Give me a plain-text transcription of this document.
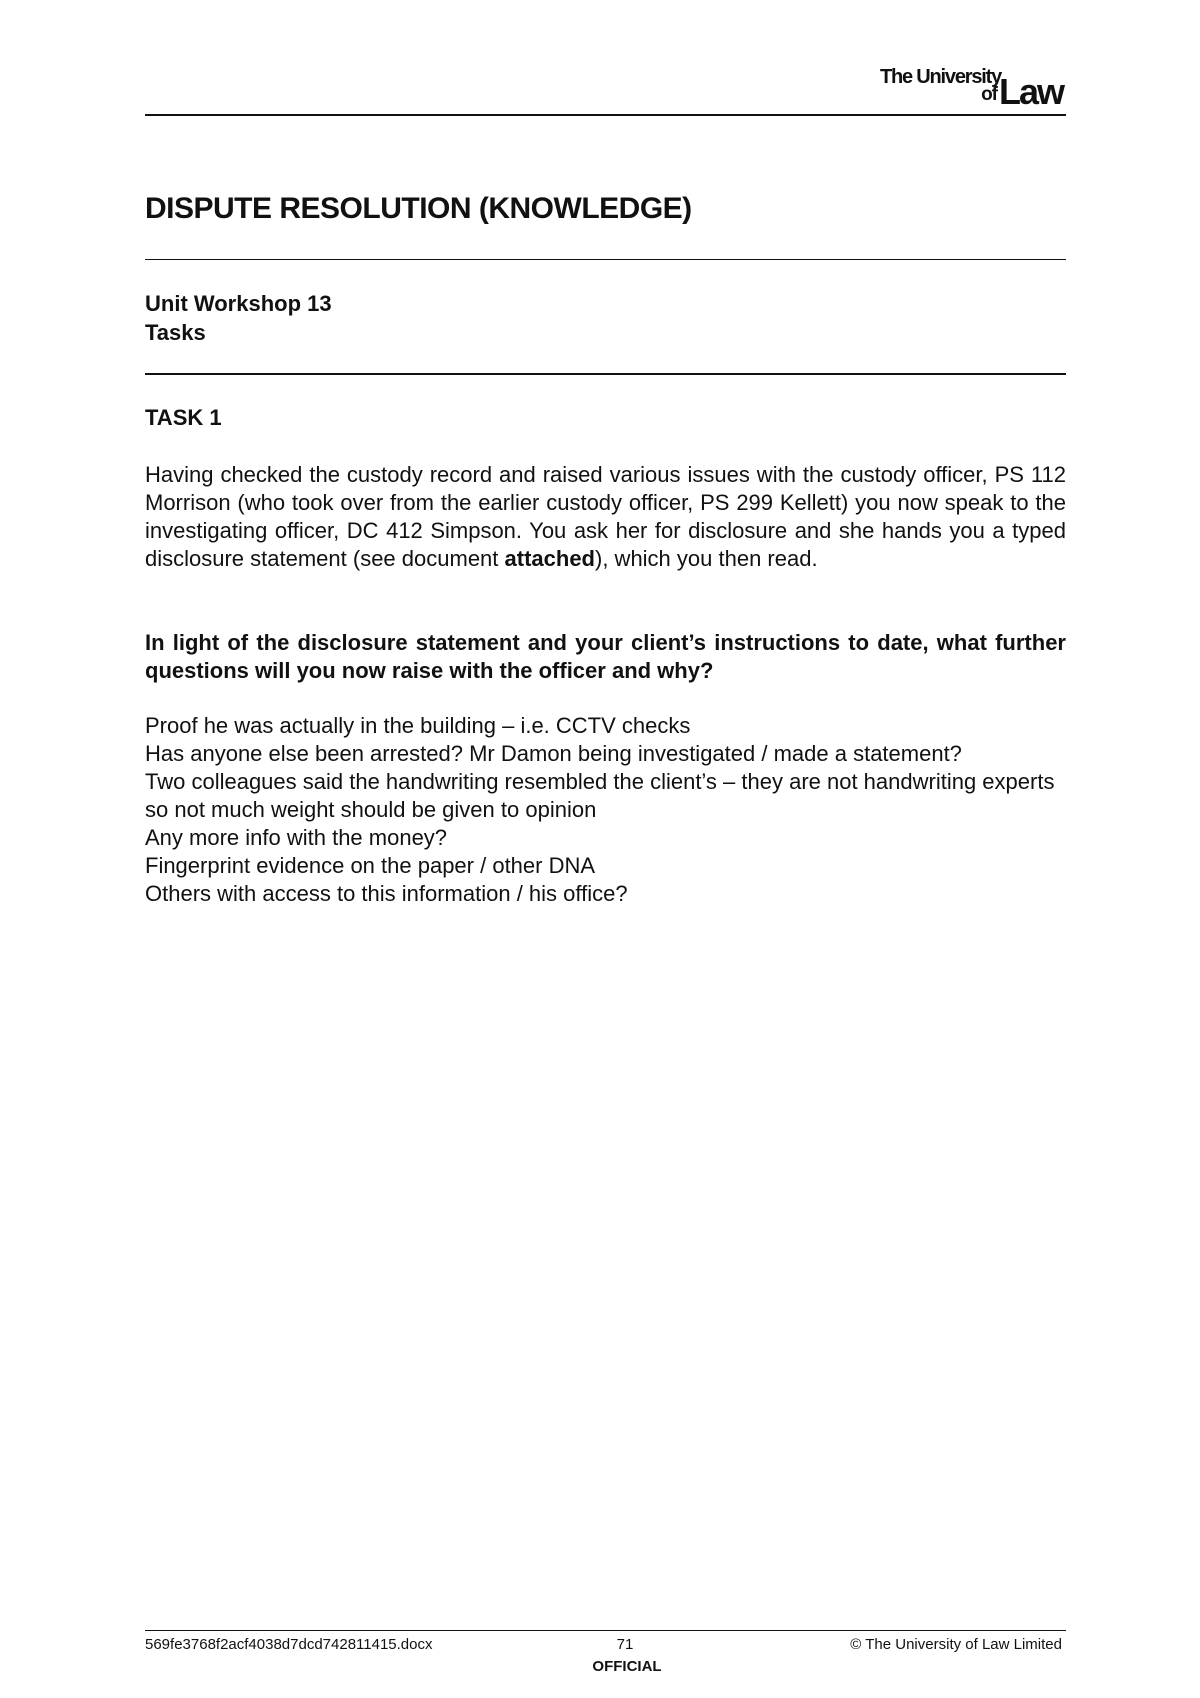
The University
of Law
DISPUTE RESOLUTION (KNOWLEDGE)
Unit Workshop 13
Tasks
TASK 1
Having checked the custody record and raised various issues with the custody officer, PS 112 Morrison (who took over from the earlier custody officer, PS 299 Kellett) you now speak to the investigating officer, DC 412 Simpson. You ask her for disclosure and she hands you a typed disclosure statement (see document attached), which you then read.
In light of the disclosure statement and your client’s instructions to date, what further questions will you now raise with the officer and why?
Proof he was actually in the building – i.e. CCTV checks
Has anyone else been arrested? Mr Damon being investigated / made a statement?
Two colleagues said the handwriting resembled the client’s – they are not handwriting experts so not much weight should be given to opinion
Any more info with the money?
Fingerprint evidence on the paper / other DNA
Others with access to this information / his office?
569fe3768f2acf4038d7dcd742811415.docx	71	© The University of Law Limited
OFFICIAL
